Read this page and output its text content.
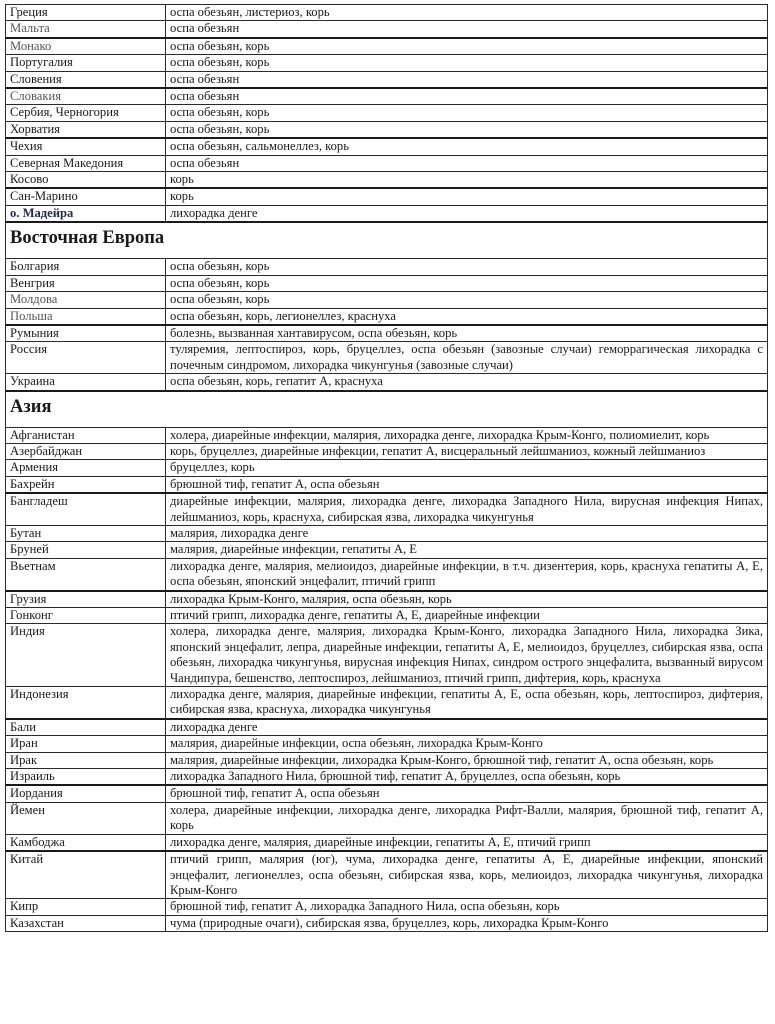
Греция	оспа обезьян, листериоз, корь
Мальта	оспа обезьян
Монако	оспа обезьян, корь
Португалия	оспа обезьян, корь
Словения	оспа обезьян
Словакия	оспа обезьян
Сербия, Черногория	оспа обезьян, корь
Хорватия	оспа обезьян, корь
Чехия	оспа обезьян, сальмонеллез, корь
Северная Македония	оспа обезьян
Косово	корь
Сан-Марино	корь
о. Мадейра	лихорадка денге
Восточная Европа	
Болгария	оспа обезьян, корь
Венгрия	оспа обезьян, корь
Молдова	оспа обезьян, корь
Польша	оспа обезьян, корь, легионеллез, краснуха
Румыния	болезнь, вызванная хантавирусом, оспа обезьян, корь
Россия	туляремия, лептоспироз, корь, бруцеллез, оспа обезьян (завозные случаи) геморрагическая лихорадка с почечным синдромом, лихорадка чикунгунья (завозные случаи)
Украина	оспа обезьян, корь, гепатит А, краснуха
Азия	
Афганистан	холера, диарейные инфекции, малярия, лихорадка денге, лихорадка Крым-Конго, полиомиелит, корь
Азербайджан	корь, бруцеллез, диарейные инфекции, гепатит А, висцеральный лейшманиоз, кожный лейшманиоз
Армения	бруцеллез, корь
Бахрейн	брюшной тиф, гепатит А, оспа обезьян
Бангладеш	диарейные инфекции, малярия, лихорадка денге, лихорадка Западного Нила, вирусная инфекция Нипах, лейшманиоз, корь, краснуха, сибирская язва, лихорадка чикунгунья
Бутан	малярия, лихорадка денге
Бруней	малярия, диарейные инфекции, гепатиты А, Е
Вьетнам	лихорадка денге, малярия, мелиоидоз, диарейные инфекции, в т.ч. дизентерия, корь, краснуха гепатиты А, Е, оспа обезьян, японский энцефалит, птичий грипп
Грузия	лихорадка Крым-Конго, малярия, оспа обезьян, корь
Гонконг	птичий грипп, лихорадка денге, гепатиты А, Е, диарейные инфекции
Индия	холера, лихорадка денге, малярия, лихорадка Крым-Конго, лихорадка Западного Нила, лихорадка Зика, японский энцефалит, лепра, диарейные инфекции, гепатиты А, Е, мелиоидоз, бруцеллез, сибирская язва, оспа обезьян, лихорадка чикунгунья, вирусная инфекция Нипах, синдром острого энцефалита, вызванный вирусом Чандипура, бешенство, лептоспироз, лейшманиоз, птичий грипп, дифтерия, корь, краснуха
Индонезия	лихорадка денге, малярия, диарейные инфекции, гепатиты А, Е, оспа обезьян, корь, лептоспироз, дифтерия, сибирская язва, краснуха, лихорадка чикунгунья
Бали	лихорадка денге
Иран	малярия, диарейные инфекции, оспа обезьян, лихорадка Крым-Конго
Ирак	малярия, диарейные инфекции, лихорадка Крым-Конго, брюшной тиф, гепатит А, оспа обезьян, корь
Израиль	лихорадка Западного Нила, брюшной тиф, гепатит А, бруцеллез, оспа обезьян, корь
Иордания	брюшной тиф, гепатит А, оспа обезьян
Йемен	холера, диарейные инфекции, лихорадка денге, лихорадка Рифт-Валли, малярия, брюшной тиф, гепатит А, корь
Камбоджа	лихорадка денге, малярия, диарейные инфекции, гепатиты А, Е, птичий грипп
Китай	птичий грипп, малярия (юг), чума, лихорадка денге, гепатиты А, Е, диарейные инфекции, японский энцефалит, легионеллез, оспа обезьян, сибирская язва, корь, мелиоидоз, лихорадка чикунгунья, лихорадка Крым-Конго
Кипр	брюшной тиф, гепатит А, лихорадка Западного Нила, оспа обезьян, корь
Казахстан	чума (природные очаги), сибирская язва, бруцеллез, корь, лихорадка Крым-Конго
